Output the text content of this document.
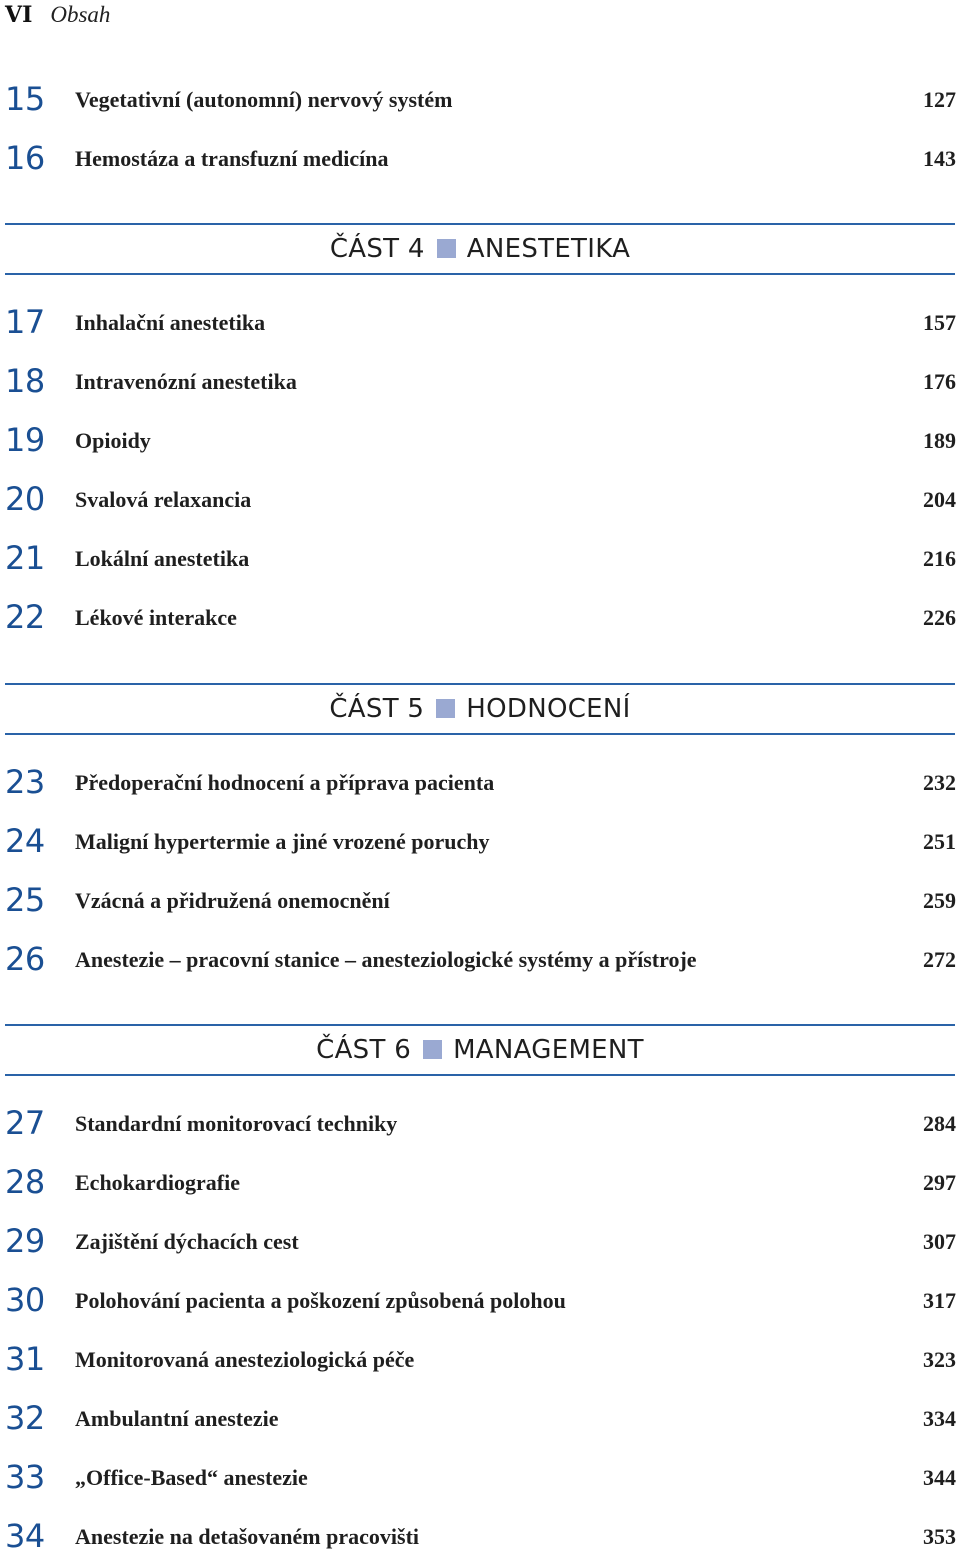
VI Obsah
15 Vegetativní (autonomní) nervový systém	127
16 Hemostáza a transfuzní medicína	143
ČÁST 4 ANESTETIKA
17 Inhalační anestetika	157
18 Intravenózní anestetika	176
19 Opioidy	189
20 Svalová relaxancia	204
21 Lokální anestetika	216
22 Lékové interakce	226
ČÁST 5 HODNOCENÍ
23 Předoperační hodnocení a příprava pacienta	232
24 Maligní hypertermie a jiné vrozené poruchy	251
25 Vzácná a přidružená onemocnění	259
26 Anestezie – pracovní stanice – anesteziologické systémy a přístroje	272
ČÁST 6 MANAGEMENT
27 Standardní monitorovací techniky	284
28 Echokardiografie	297
29 Zajištění dýchacích cest	307
30 Polohování pacienta a poškození způsobená polohou	317
31 Monitorovaná anesteziologická péče	323
32 Ambulantní anestezie	334
33 „Office-Based“ anestezie	344
34 Anestezie na detašovaném pracovišti	353
